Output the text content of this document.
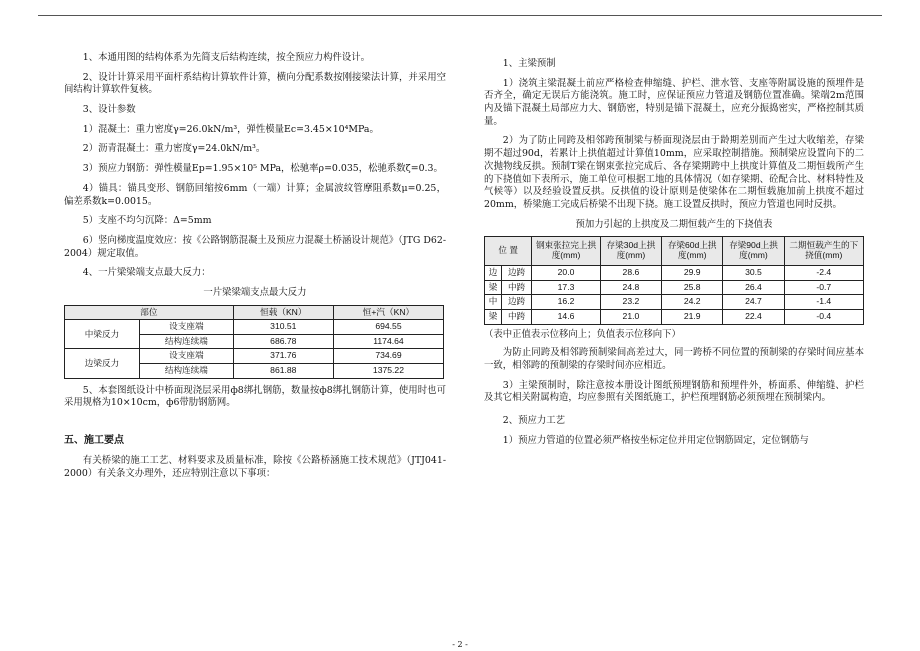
1、本通用图的结构体系为先简支后结构连续，按全预应力构件设计。

2、设计计算采用平面杆系结构计算软件计算，横向分配系数按刚接梁法计算，并采用空间结构计算软件复核。

3、设计参数

1）混凝土：重力密度γ=26.0kN/m³，弹性模量Ec=3.45×10⁴MPa。

2）沥青混凝土：重力密度γ=24.0kN/m³。

3）预应力钢筋：弹性模量Ep=1.95×10⁵ MPa，松驰率ρ=0.035，松驰系数ζ=0.3。

4）锚具：锚具变形、钢筋回缩按6mm（一端）计算；金属波纹管摩阻系数μ=0.25，偏差系数k=0.0015。

5）支座不均匀沉降：Δ=5mm

6）竖向梯度温度效应：按《公路钢筋混凝土及预应力混凝土桥涵设计规范》（JTG D62-2004）规定取值。

4、一片梁梁端支点最大反力：

一片梁梁端支点最大反力

部位		恒载（KN）	恒+汽（KN）
中梁反力	设支座端	310.51	694.55
	结构连续端	686.78	1174.64
边梁反力	设支座端	371.76	734.69
	结构连续端	861.88	1375.22

5、本套图纸设计中桥面现浇层采用ф8绑扎钢筋，数量按ф8绑扎钢筋计算，使用时也可采用规格为10×10cm，ф6带肋钢筋网。

五、施工要点

有关桥梁的施工工艺、材料要求及质量标准，除按《公路桥涵施工技术规范》（JTJ041-2000）有关条文办理外，还应特别注意以下事项：

1、主梁预制

1）浇筑主梁混凝土前应严格检查伸缩缝、护栏、泄水管、支座等附属设施的预埋件是否齐全，确定无误后方能浇筑。施工时，应保证预应力管道及钢筋位置准确。梁端2m范围内及锚下混凝土局部应力大、钢筋密，特别是锚下混凝土，应充分振捣密实，严格控制其质量。

2）为了防止同跨及相邻跨预制梁与桥面现浇层由于龄期差别而产生过大收缩差，存梁期不超过90d，若累计上拱值超过计算值10mm，应采取控制措施。预制梁应设置向下的二次抛物线反拱。预制T梁在钢束张拉完成后、各存梁期跨中上拱度计算值及二期恒载所产生的下挠值如下表所示，施工单位可根据工地的具体情况（如存梁期、砼配合比、材料特性及气候等）以及经验设置反拱。反拱值的设计原则是使梁体在二期恒载施加前上拱度不超过20mm，桥梁施工完成后桥梁不出现下挠。施工设置反拱时，预应力管道也同时反拱。

预加力引起的上拱度及二期恒载产生的下挠值表

位 置		钢束张拉完上拱度(mm)	存梁30d上拱度(mm)	存梁60d上拱度(mm)	存梁90d上拱度(mm)	二期恒载产生的下挠值(mm)
边	边跨	20.0	28.6	29.9	30.5	-2.4
梁	中跨	17.3	24.8	25.8	26.4	-0.7
中	边跨	16.2	23.2	24.2	24.7	-1.4
梁	中跨	14.6	21.0	21.9	22.4	-0.4

（表中正值表示位移向上；负值表示位移向下）

为防止同跨及相邻跨预制梁间高差过大，同一跨桥不同位置的预制梁的存梁时间应基本一致，相邻跨的预制梁的存梁时间亦应相近。

3）主梁预制时，除注意按本册设计图纸预埋钢筋和预埋件外，桥面系、伸缩缝、护栏及其它相关附属构造，均应参照有关图纸施工，护栏预埋钢筋必须预埋在预制梁内。

2、预应力工艺

1）预应力管道的位置必须严格按坐标定位并用定位钢筋固定，定位钢筋与

- 2 -
